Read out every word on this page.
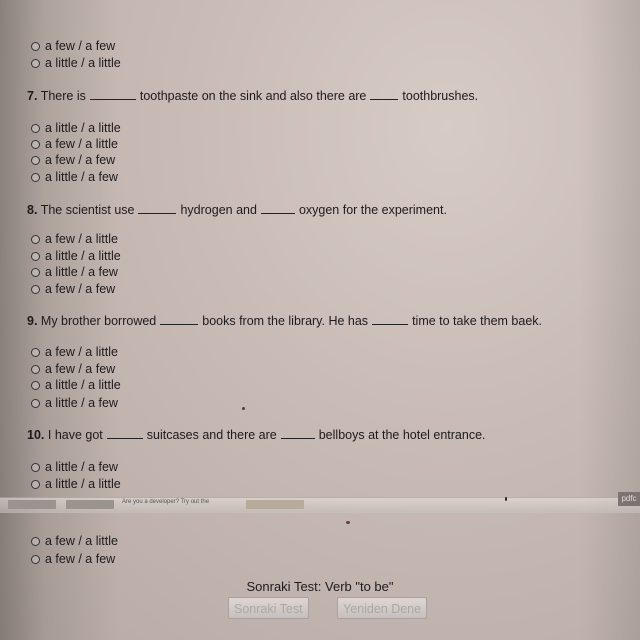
a few / a few
a little / a little
7. There is	toothpaste on the sink and also there are	toothbrushes.
a little / a little
a few / a little
a few / a few
a little / a few
8. The scientist use	hydrogen and	oxygen for the experiment.
a few / a little
a little / a little
a little / a few
a few / a few
9. My brother borrowed	books from the library. He has	time to take them baek.
a few / a little
a few / a few
a little / a little
a little / a few
10. I have got	suitcases and there are	bellboys at the hotel entrance.
a little / a few
a little / a little
Are you a developer? Try out the	pdfc
a few / a little
a few / a few
Sonraki Test: Verb "to be"
Sonraki Test	Yeniden Dene
